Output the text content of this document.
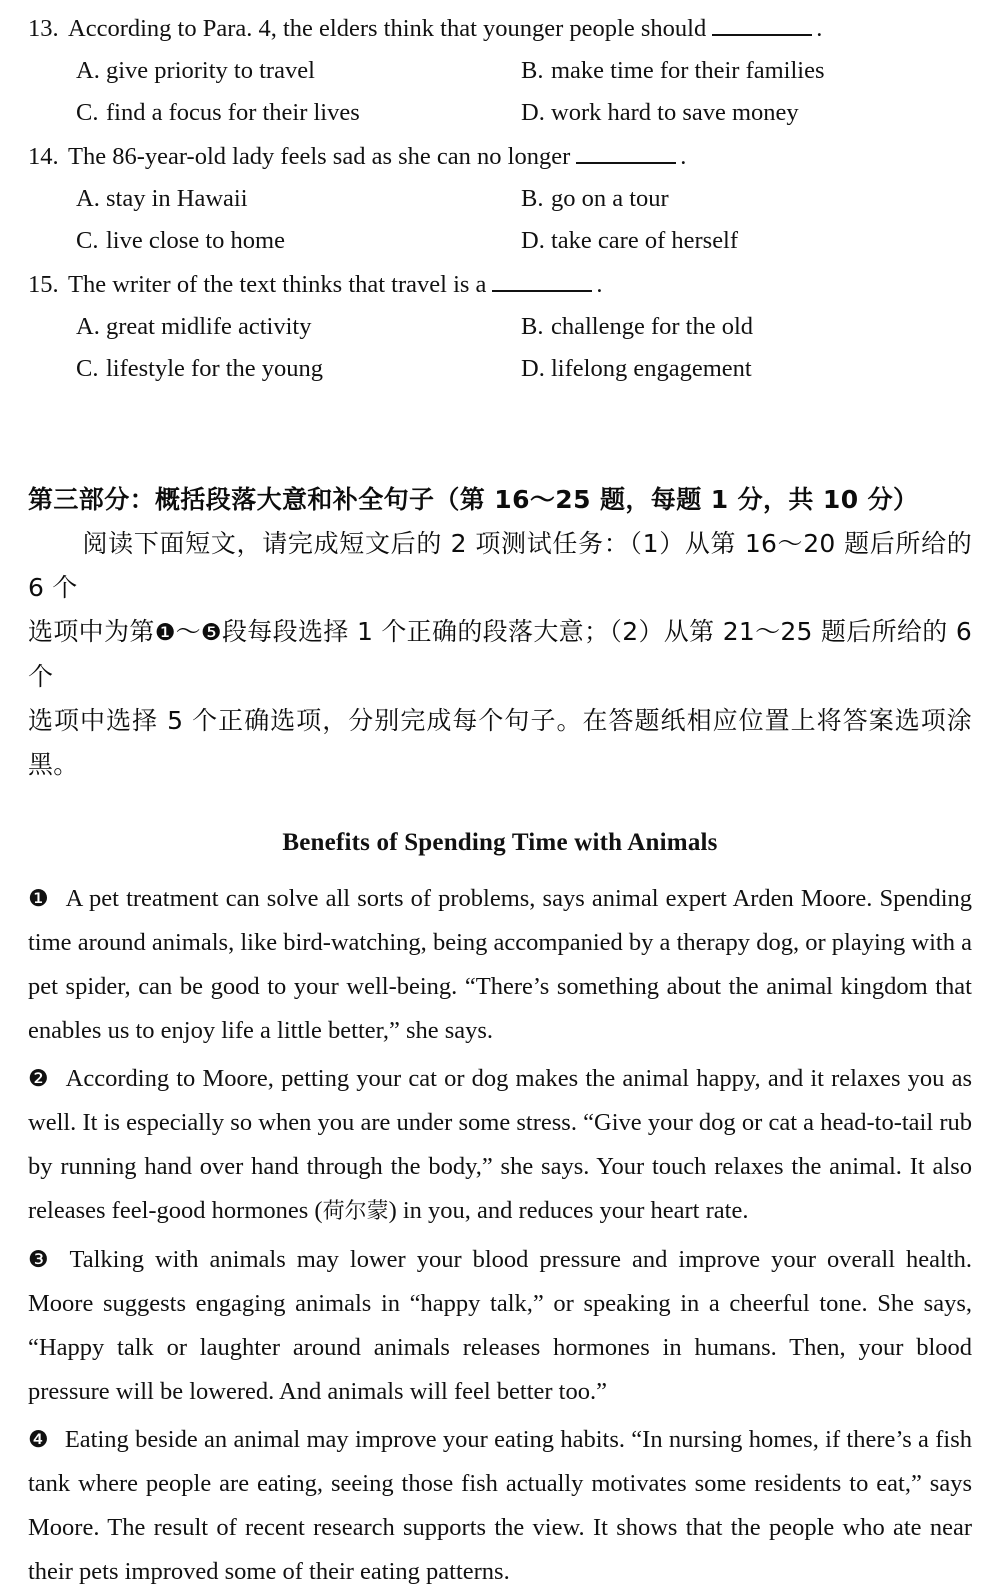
13. According to Para. 4, the elders think that younger people should	.
A. give priority to travel	B. make time for their families
C. find a focus for their lives	D. work hard to save money
14. The 86-year-old lady feels sad as she can no longer	.
A. stay in Hawaii	B. go on a tour
C. live close to home	D. take care of herself
15. The writer of the text thinks that travel is a	.
A. great midlife activity	B. challenge for the old
C. lifestyle for the young	D. lifelong engagement
第三部分：概括段落大意和补全句子（第 16～25 题，每题 1 分，共 10 分）
阅读下面短文，请完成短文后的 2 项测试任务：（1）从第 16～20 题后所给的 6 个
选项中为第❶～❺段每段选择 1 个正确的段落大意；（2）从第 21～25 题后所给的 6 个
选项中选择 5 个正确选项，分别完成每个句子。在答题纸相应位置上将答案选项涂黑。
Benefits of Spending Time with Animals

❶ A pet treatment can solve all sorts of problems, says animal expert Arden Moore. Spending time around animals, like bird-watching, being accompanied by a therapy dog, or playing with a pet spider, can be good to your well-being. “There’s something about the animal kingdom that enables us to enjoy life a little better,” she says.

❷ According to Moore, petting your cat or dog makes the animal happy, and it relaxes you as well. It is especially so when you are under some stress. “Give your dog or cat a head-to-tail rub by running hand over hand through the body,” she says. Your touch relaxes the animal. It also releases feel-good hormones (荷尔蒙) in you, and reduces your heart rate.

❸ Talking with animals may lower your blood pressure and improve your overall health. Moore suggests engaging animals in “happy talk,” or speaking in a cheerful tone. She says, “Happy talk or laughter around animals releases hormones in humans. Then, your blood pressure will be lowered. And animals will feel better too.”

❹ Eating beside an animal may improve your eating habits. “In nursing homes, if there’s a fish tank where people are eating, seeing those fish actually motivates some residents to eat,” says Moore. The result of recent research supports the view. It shows that the people who ate near their pets improved some of their eating patterns.
